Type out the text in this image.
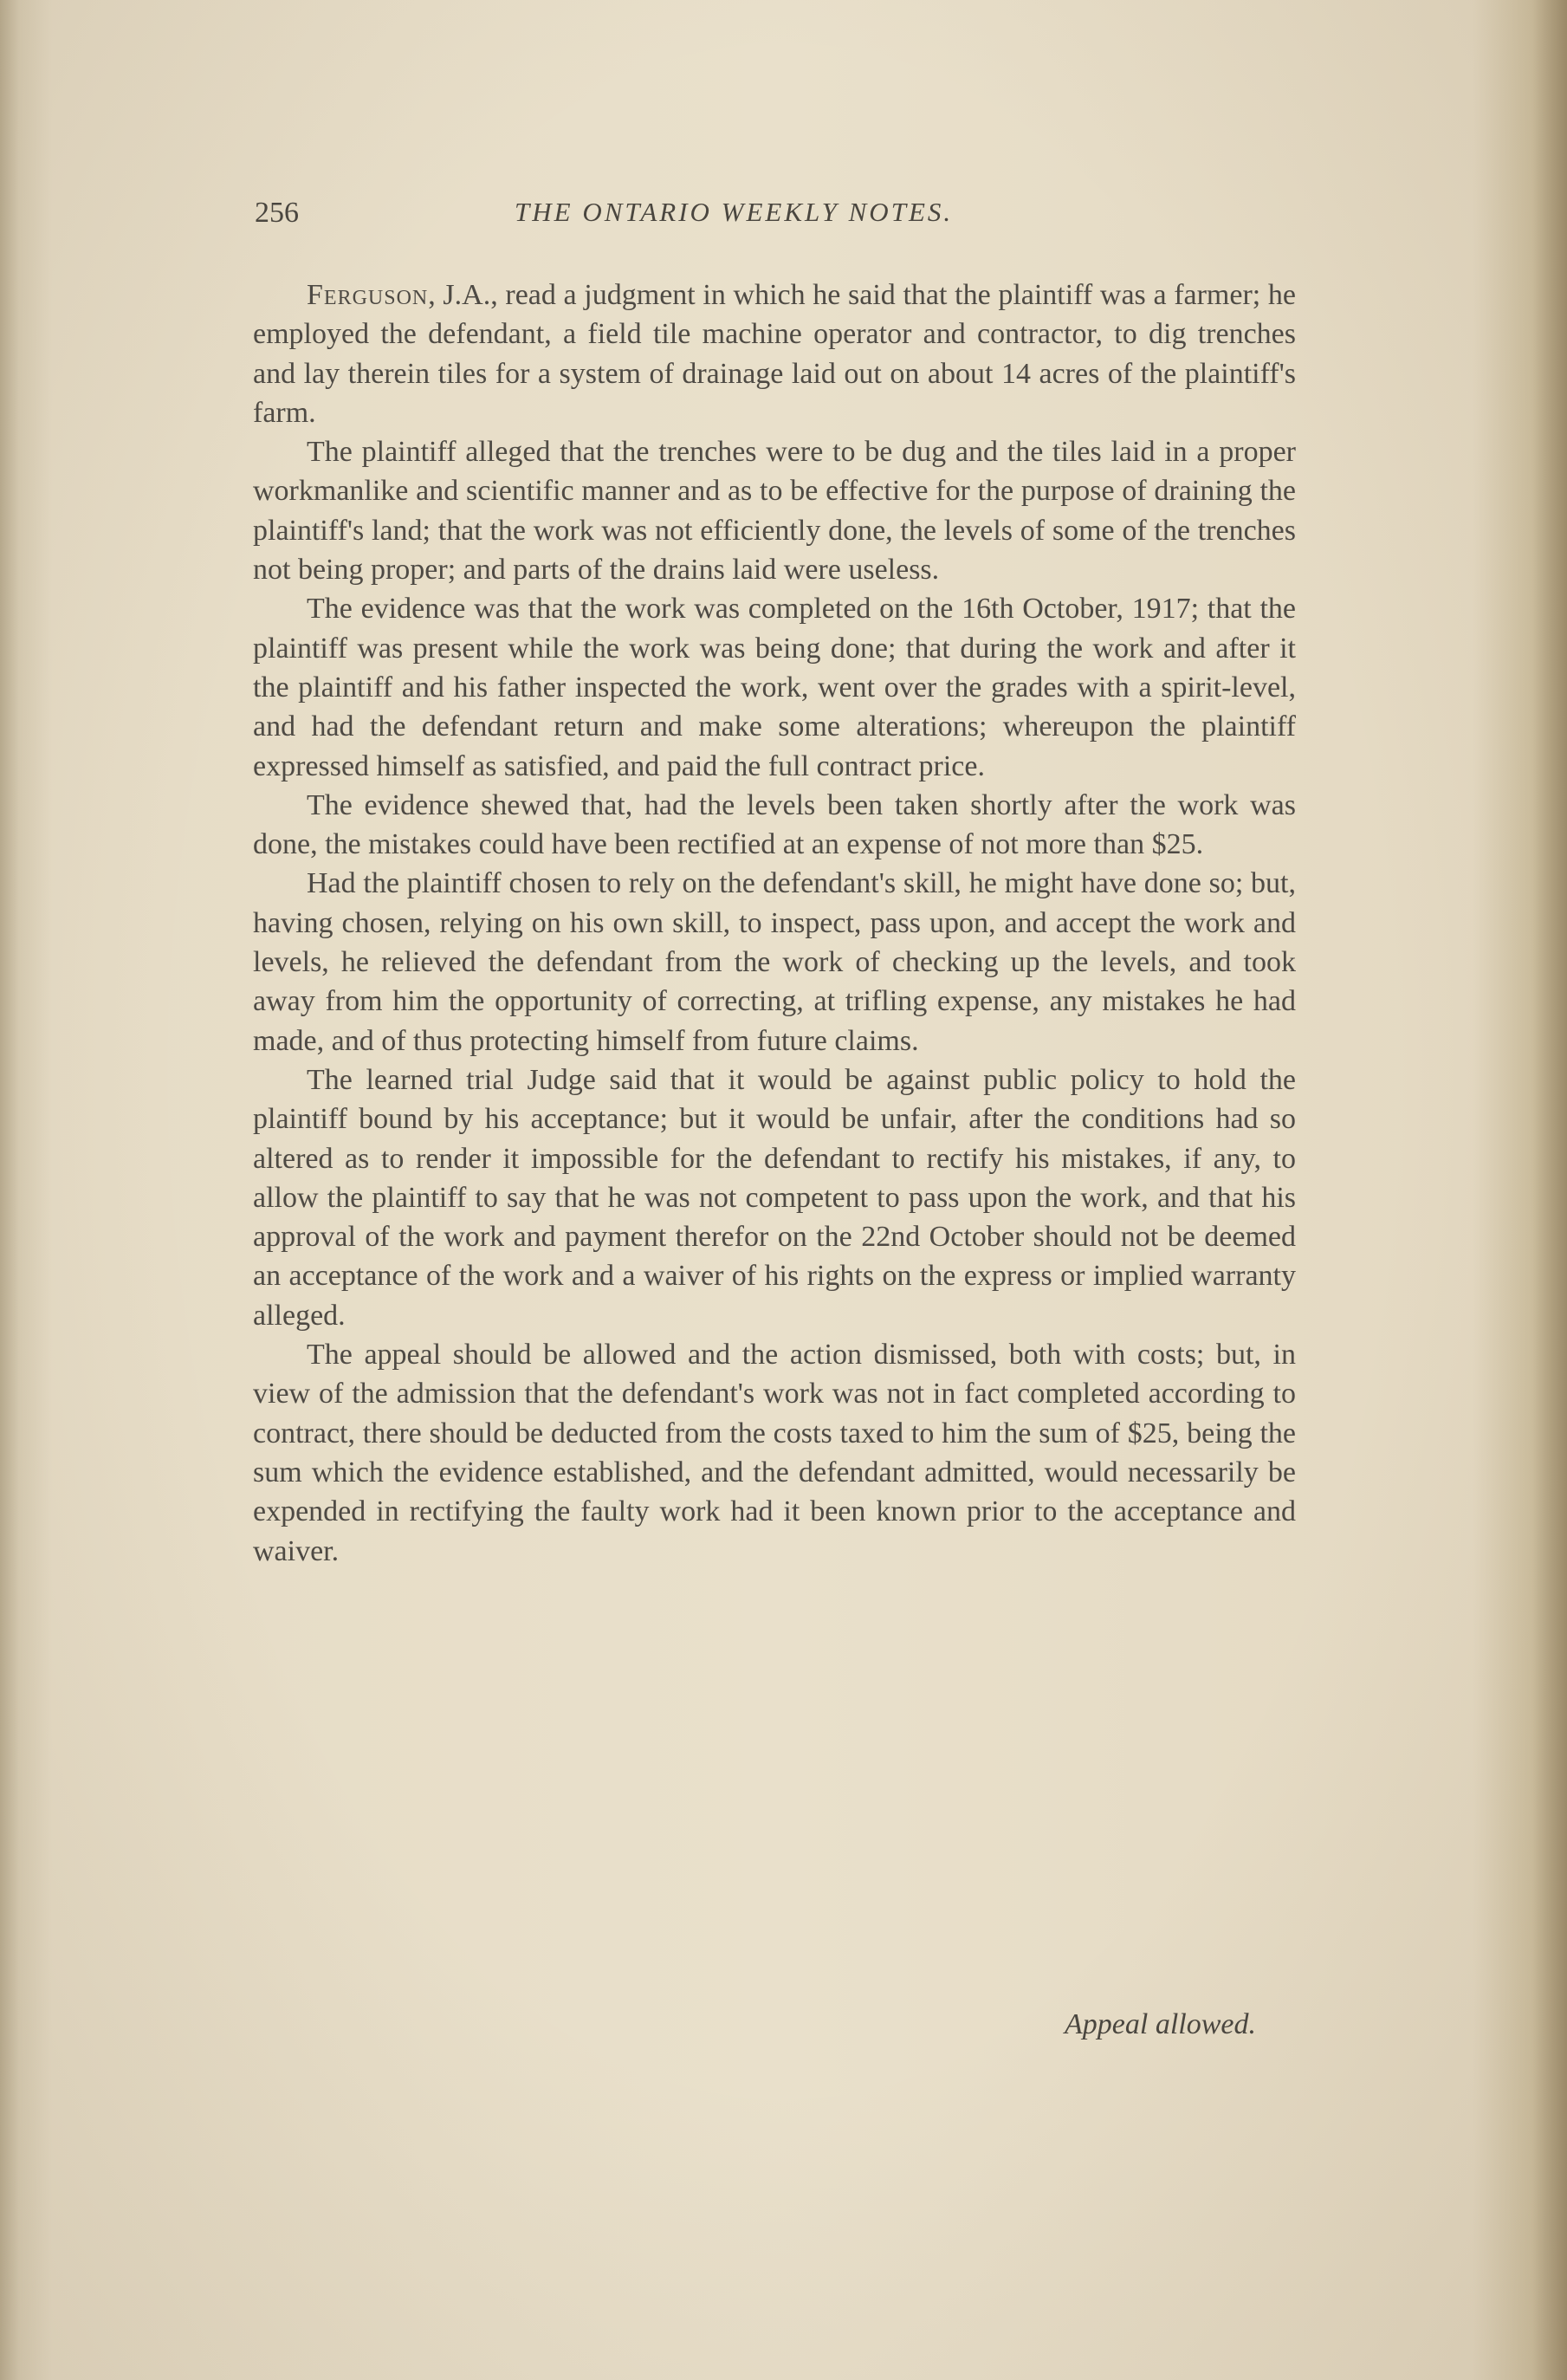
256	THE ONTARIO WEEKLY NOTES.

Ferguson, J.A., read a judgment in which he said that the plaintiff was a farmer; he employed the defendant, a field tile machine operator and contractor, to dig trenches and lay therein tiles for a system of drainage laid out on about 14 acres of the plaintiff's farm.

The plaintiff alleged that the trenches were to be dug and the tiles laid in a proper workmanlike and scientific manner and as to be effective for the purpose of draining the plaintiff's land; that the work was not efficiently done, the levels of some of the trenches not being proper; and parts of the drains laid were useless.

The evidence was that the work was completed on the 16th October, 1917; that the plaintiff was present while the work was being done; that during the work and after it the plaintiff and his father inspected the work, went over the grades with a spirit-level, and had the defendant return and make some alterations; whereupon the plaintiff expressed himself as satisfied, and paid the full contract price.

The evidence shewed that, had the levels been taken shortly after the work was done, the mistakes could have been rectified at an expense of not more than $25.

Had the plaintiff chosen to rely on the defendant's skill, he might have done so; but, having chosen, relying on his own skill, to inspect, pass upon, and accept the work and levels, he relieved the defendant from the work of checking up the levels, and took away from him the opportunity of correcting, at trifling expense, any mistakes he had made, and of thus protecting himself from future claims.

The learned trial Judge said that it would be against public policy to hold the plaintiff bound by his acceptance; but it would be unfair, after the conditions had so altered as to render it impossible for the defendant to rectify his mistakes, if any, to allow the plaintiff to say that he was not competent to pass upon the work, and that his approval of the work and payment therefor on the 22nd October should not be deemed an acceptance of the work and a waiver of his rights on the express or implied warranty alleged.

The appeal should be allowed and the action dismissed, both with costs; but, in view of the admission that the defendant's work was not in fact completed according to contract, there should be deducted from the costs taxed to him the sum of $25, being the sum which the evidence established, and the defendant admitted, would necessarily be expended in rectifying the faulty work had it been known prior to the acceptance and waiver.

Appeal allowed.
